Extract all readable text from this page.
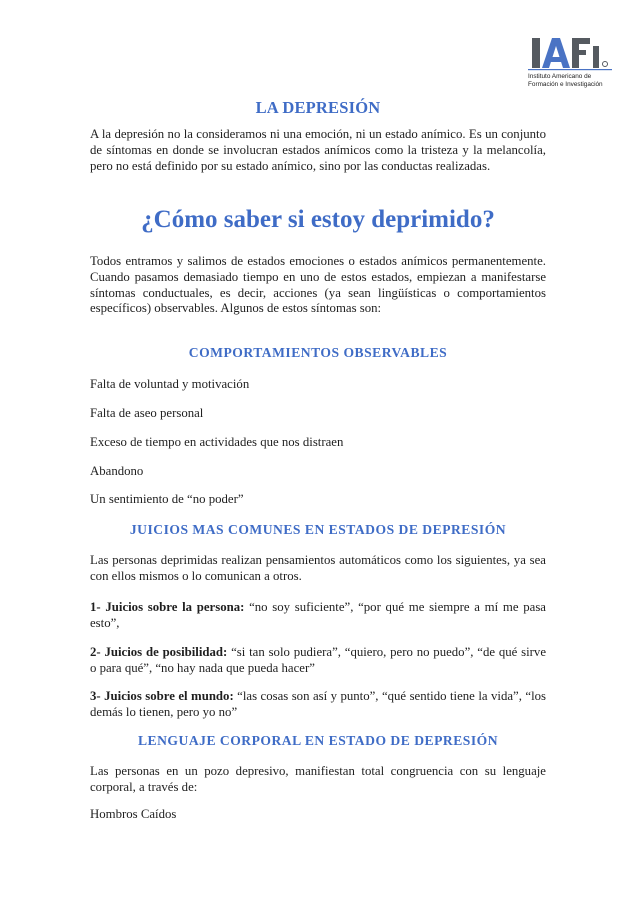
Instituto Americano de
Formación e Investigación
LA DEPRESIÓN

A la depresión no la consideramos ni una emoción, ni un estado anímico. Es un conjunto de síntomas en donde se involucran estados anímicos como la tristeza y la melancolía, pero no está definido por su estado anímico, sino por las conductas realizadas.

¿Cómo saber si estoy deprimido?

Todos entramos y salimos de estados emociones o estados anímicos permanentemente. Cuando pasamos demasiado tiempo en uno de estos estados, empiezan a manifestarse síntomas conductuales, es decir, acciones (ya sean lingüísticas o comportamientos específicos) observables. Algunos de estos síntomas son:

COMPORTAMIENTOS OBSERVABLES
Falta de voluntad y motivación
Falta de aseo personal
Exceso de tiempo en actividades que nos distraen
Abandono
Un sentimiento de “no poder”
JUICIOS MAS COMUNES EN ESTADOS DE DEPRESIÓN

Las personas deprimidas realizan pensamientos automáticos como los siguientes, ya sea con ellos mismos o lo comunican a otros.

1- Juicios sobre la persona: “no soy suficiente”, “por qué me siempre a mí me pasa esto”,

2- Juicios de posibilidad: “si tan solo pudiera”, “quiero, pero no puedo”, “de qué sirve o para qué”, “no hay nada que pueda hacer”

3- Juicios sobre el mundo: “las cosas son así y punto”, “qué sentido tiene la vida”, “los demás lo tienen, pero yo no”

LENGUAJE CORPORAL EN ESTADO DE DEPRESIÓN

Las personas en un pozo depresivo, manifiestan total congruencia con su lenguaje corporal, a través de:

Hombros Caídos
